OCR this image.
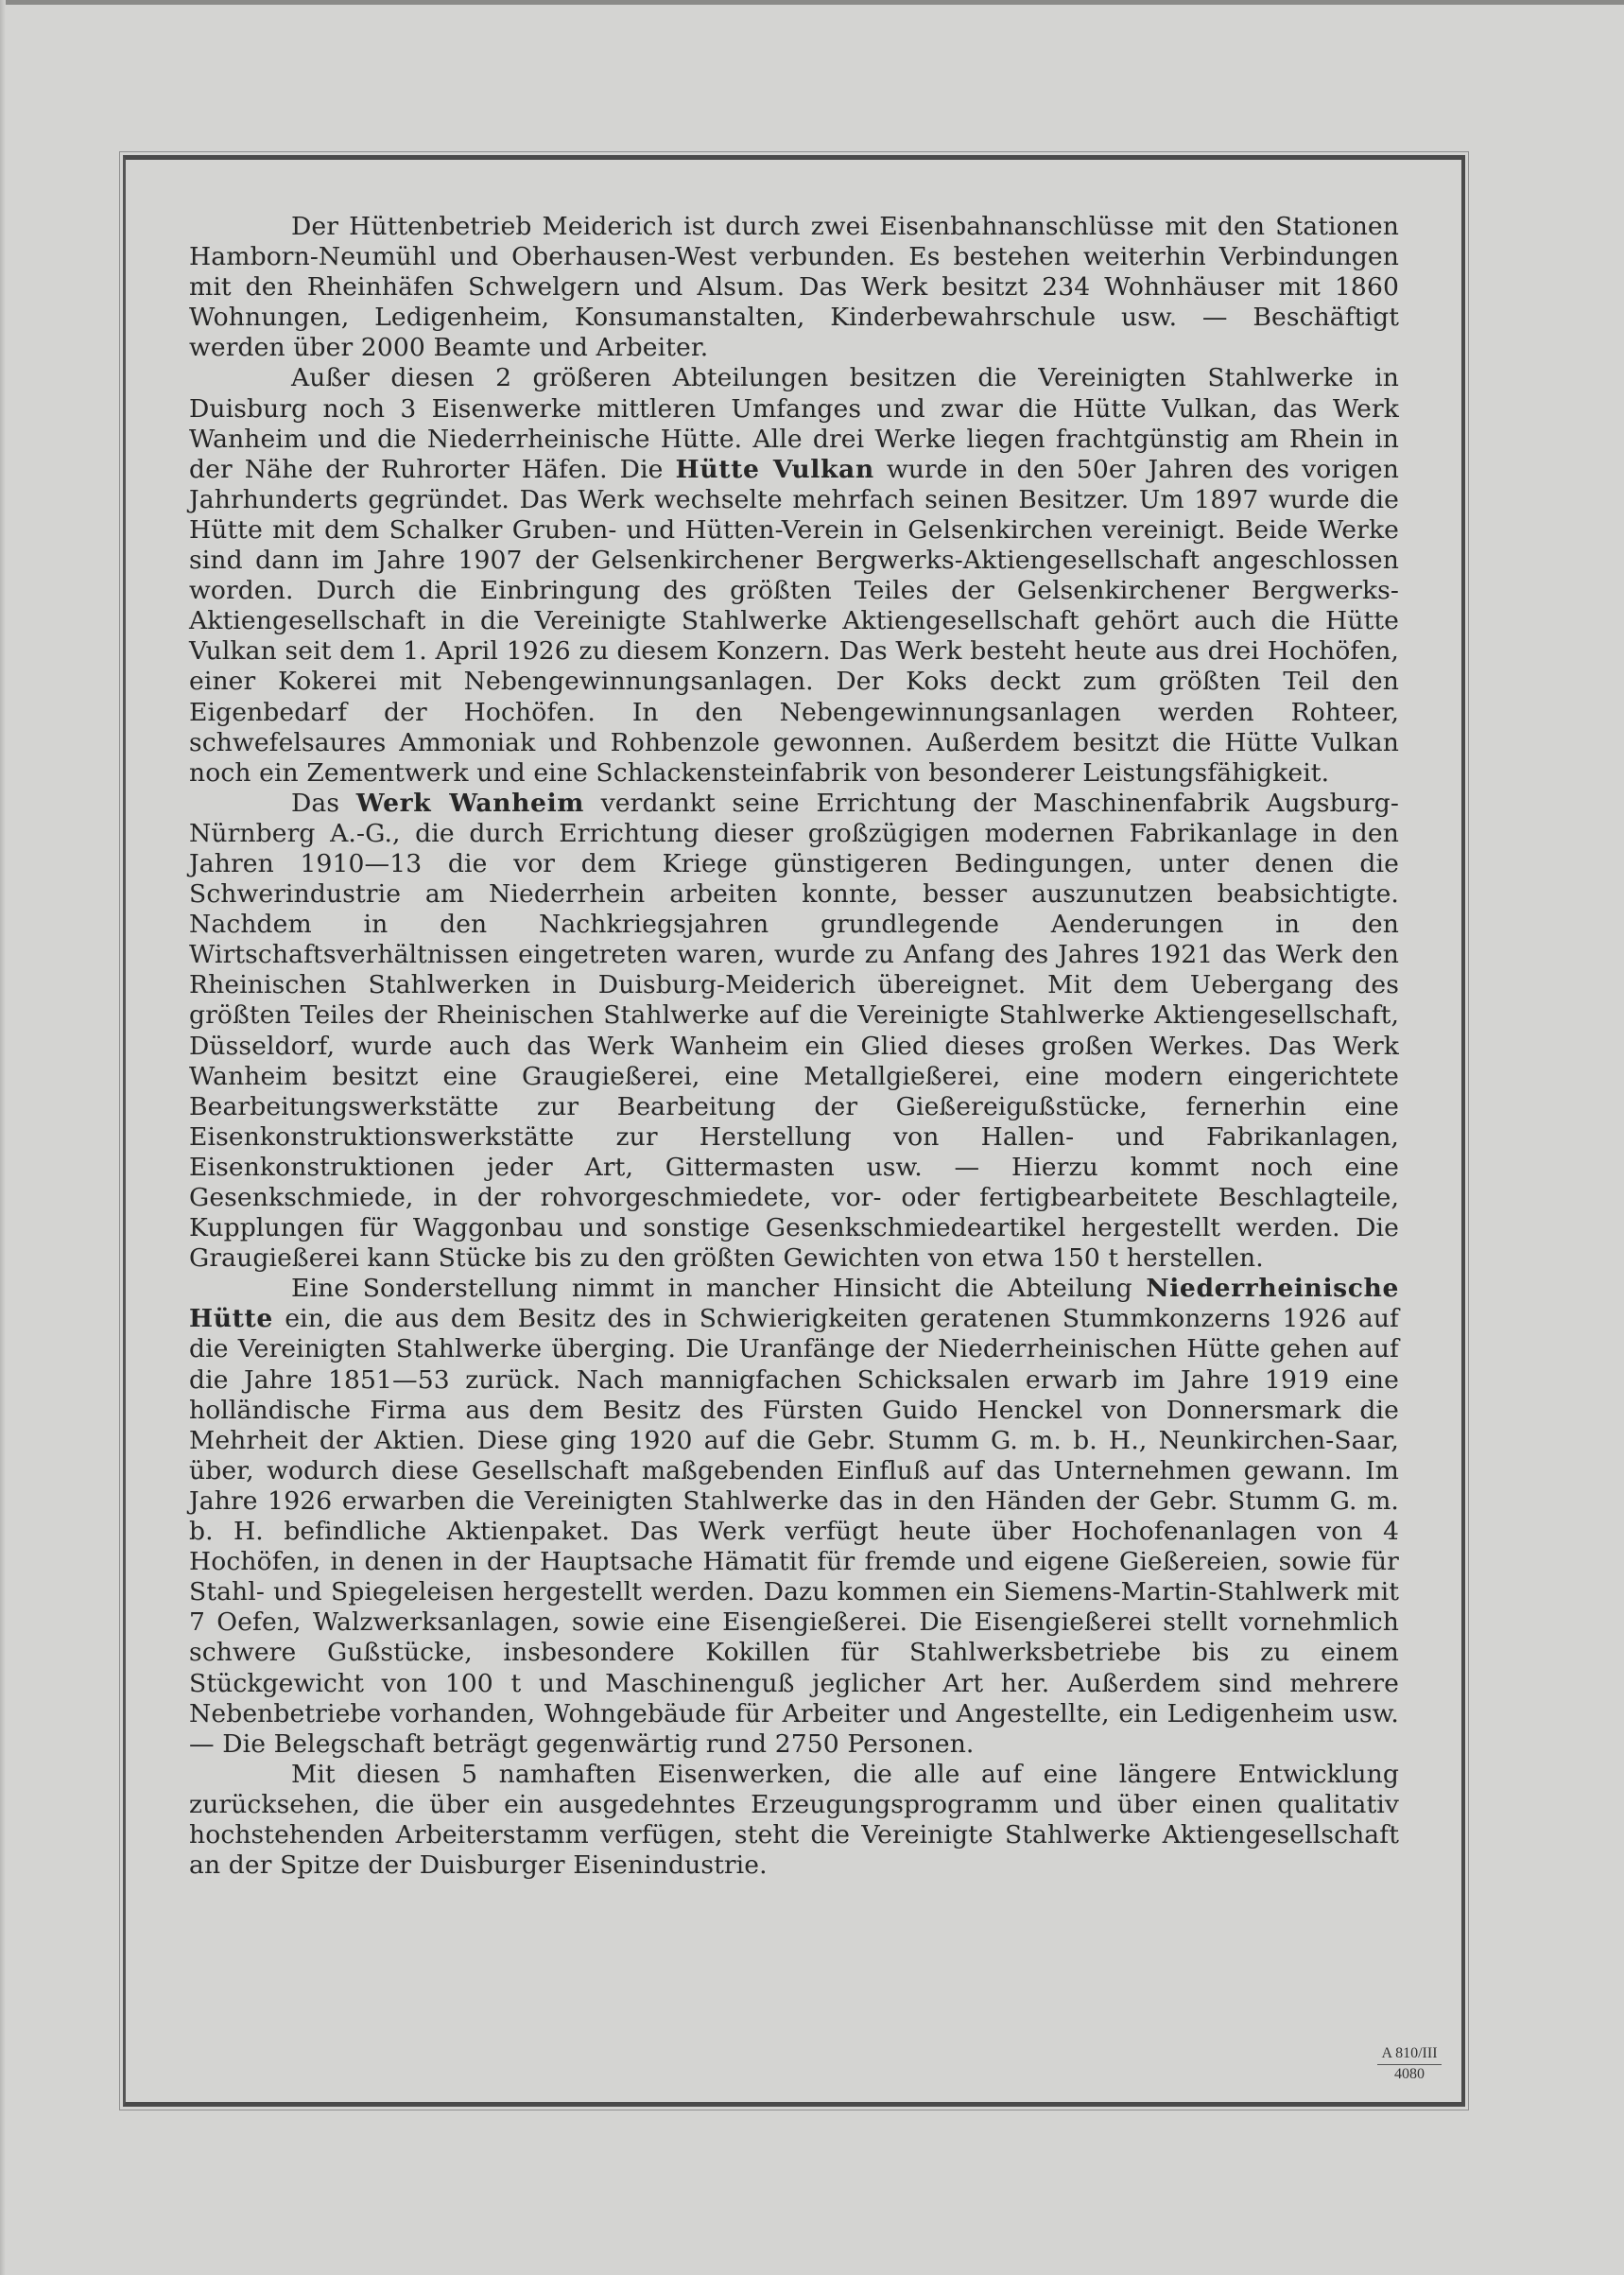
Der Hüttenbetrieb Meiderich ist durch zwei Eisenbahnanschlüsse mit den Stationen Hamborn-Neumühl und Oberhausen-West verbunden. Es bestehen weiterhin Verbindungen mit den Rheinhäfen Schwelgern und Alsum. Das Werk besitzt 234 Wohnhäuser mit 1860 Wohnungen, Ledigenheim, Konsumanstalten, Kinderbewahrschule usw. — Beschäftigt werden über 2000 Beamte und Arbeiter.

Außer diesen 2 größeren Abteilungen besitzen die Vereinigten Stahlwerke in Duisburg noch 3 Eisenwerke mittleren Umfanges und zwar die Hütte Vulkan, das Werk Wanheim und die Niederrheinische Hütte. Alle drei Werke liegen frachtgünstig am Rhein in der Nähe der Ruhrorter Häfen. Die Hütte Vulkan wurde in den 50er Jahren des vorigen Jahrhunderts gegründet. Das Werk wechselte mehrfach seinen Besitzer. Um 1897 wurde die Hütte mit dem Schalker Gruben- und Hütten-Verein in Gelsenkirchen vereinigt. Beide Werke sind dann im Jahre 1907 der Gelsenkirchener Bergwerks-Aktiengesellschaft angeschlossen worden. Durch die Einbringung des größten Teiles der Gelsenkirchener Bergwerks-Aktiengesellschaft in die Vereinigte Stahlwerke Aktiengesellschaft gehört auch die Hütte Vulkan seit dem 1. April 1926 zu diesem Konzern. Das Werk besteht heute aus drei Hochöfen, einer Kokerei mit Nebengewinnungsanlagen. Der Koks deckt zum größten Teil den Eigenbedarf der Hochöfen. In den Nebengewinnungsanlagen werden Rohteer, schwefelsaures Ammoniak und Rohbenzole gewonnen. Außerdem besitzt die Hütte Vulkan noch ein Zementwerk und eine Schlackensteinfabrik von besonderer Leistungsfähigkeit.

Das Werk Wanheim verdankt seine Errichtung der Maschinenfabrik Augsburg-Nürnberg A.-G., die durch Errichtung dieser großzügigen modernen Fabrikanlage in den Jahren 1910—13 die vor dem Kriege günstigeren Bedingungen, unter denen die Schwerindustrie am Niederrhein arbeiten konnte, besser auszunutzen beabsichtigte. Nachdem in den Nachkriegsjahren grundlegende Aenderungen in den Wirtschaftsverhältnissen eingetreten waren, wurde zu Anfang des Jahres 1921 das Werk den Rheinischen Stahlwerken in Duisburg-Meiderich übereignet. Mit dem Uebergang des größten Teiles der Rheinischen Stahlwerke auf die Vereinigte Stahlwerke Aktiengesellschaft, Düsseldorf, wurde auch das Werk Wanheim ein Glied dieses großen Werkes. Das Werk Wanheim besitzt eine Graugießerei, eine Metallgießerei, eine modern eingerichtete Bearbeitungswerkstätte zur Bearbeitung der Gießereigußstücke, fernerhin eine Eisenkonstruktionswerkstätte zur Herstellung von Hallen- und Fabrikanlagen, Eisenkonstruktionen jeder Art, Gittermasten usw. — Hierzu kommt noch eine Gesenkschmiede, in der rohvorgeschmiedete, vor- oder fertigbearbeitete Beschlagteile, Kupplungen für Waggonbau und sonstige Gesenkschmiedeartikel hergestellt werden. Die Graugießerei kann Stücke bis zu den größten Gewichten von etwa 150 t herstellen.

Eine Sonderstellung nimmt in mancher Hinsicht die Abteilung Niederrheinische Hütte ein, die aus dem Besitz des in Schwierigkeiten geratenen Stummkonzerns 1926 auf die Vereinigten Stahlwerke überging. Die Uranfänge der Niederrheinischen Hütte gehen auf die Jahre 1851—53 zurück. Nach mannigfachen Schicksalen erwarb im Jahre 1919 eine holländische Firma aus dem Besitz des Fürsten Guido Henckel von Donnersmark die Mehrheit der Aktien. Diese ging 1920 auf die Gebr. Stumm G. m. b. H., Neunkirchen-Saar, über, wodurch diese Gesellschaft maßgebenden Einfluß auf das Unternehmen gewann. Im Jahre 1926 erwarben die Vereinigten Stahlwerke das in den Händen der Gebr. Stumm G. m. b. H. befindliche Aktienpaket. Das Werk verfügt heute über Hochofenanlagen von 4 Hochöfen, in denen in der Hauptsache Hämatit für fremde und eigene Gießereien, sowie für Stahl- und Spiegeleisen hergestellt werden. Dazu kommen ein Siemens-Martin-Stahlwerk mit 7 Oefen, Walzwerksanlagen, sowie eine Eisengießerei. Die Eisengießerei stellt vornehmlich schwere Gußstücke, insbesondere Kokillen für Stahlwerksbetriebe bis zu einem Stückgewicht von 100 t und Maschinenguß jeglicher Art her. Außerdem sind mehrere Nebenbetriebe vorhanden, Wohngebäude für Arbeiter und Angestellte, ein Ledigenheim usw. — Die Belegschaft beträgt gegenwärtig rund 2750 Personen.

Mit diesen 5 namhaften Eisenwerken, die alle auf eine längere Entwicklung zurücksehen, die über ein ausgedehntes Erzeugungsprogramm und über einen qualitativ hochstehenden Arbeiterstamm verfügen, steht die Vereinigte Stahlwerke Aktiengesellschaft an der Spitze der Duisburger Eisenindustrie.

A 810/III
4080
